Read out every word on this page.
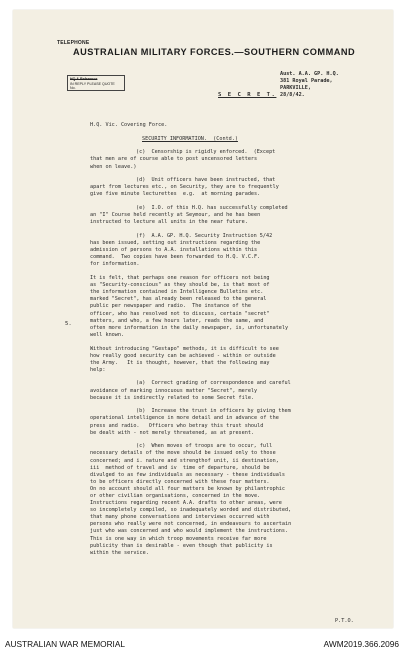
TELEPHONE
AUSTRALIAN MILITARY FORCES.—SOUTHERN COMMAND
HQ & Reference
IN REPLY PLEASE QUOTE
No.
Aust. A.A. GP. H.Q.
381 Royal Parade,
PARKVILLE,
28/8/42.
S E C R E T.

H.Q. Vic. Covering Force.

SECURITY INFORMATION.  (Contd.)

(c)  Censorship is rigidly enforced.  (Except
that men are of course able to post uncensored letters
when on leave.)

(d)  Unit officers have been instructed, that
apart from lectures etc., on Security, they are to frequently
give five minute lecturettes  e.g.  at morning parades.

(e)  I.O. of this H.Q. has successfully completed
an "I" Course held recently at Seymour, and he has been
instructed to lecture all units in the near future.

(f)  A.A. GP. H.Q. Security Instruction 5/42
has been issued, setting out instructions regarding the
admission of persons to A.A. installations within this
command.  Two copies have been forwarded to H.Q. V.C.F.
for information.

It is felt, that perhaps one reason for officers not being
as "Security-conscious" as they should be, is that most of
the information contained in Intelligence Bulletins etc.
marked "Secret", has already been released to the general
public per newspaper and radio.  The instance of the
officer, who has resolved not to discuss, certain "secret"
matters, and who, a few hours later, reads the same, and
often more information in the daily newspaper, is, unfortunately
well known.

Without introducing "Gestapo" methods, it is difficult to see
how really good security can be achieved - within or outside
the Army.   It is thought, however, that the following may
help:

(a)  Correct grading of correspondence and careful
avoidance of marking innocuous matter "Secret", merely
because it is indirectly related to some Secret file.

(b)  Increase the trust in officers by giving them
operational intelligence in more detail and in advance of the
press and radio.   Officers who betray this trust should
be dealt with - not merely threatened, as at present.

(c)  When moves of troops are to occur, full
necessary details of the move should be issued only to those
concerned; and i. nature and strengthof unit, ii destination,
iii  method of travel and iv  time of departure, should be
divulged to as few individuals as necessary - these individuals
to be officers directly concerned with these four matters.
On no account should all four matters be known by philantrophic
or other civilian organisations, concerned in the move.
Instructions regarding recent A.A. drafts to other areas, were
so incompletely compiled, so inadequately worded and distributed,
that many phone conversations and interviews occurred with
persons who really were not concerned, in endeavours to ascertain
just who was concerned and who would implement the instructions.
This is one way in which troop movements receive far more
publicity than is desirable - even though that publicity is
within the service.

5.
P.T.O.
AUSTRALIAN WAR MEMORIAL	AWM2019.366.2096
